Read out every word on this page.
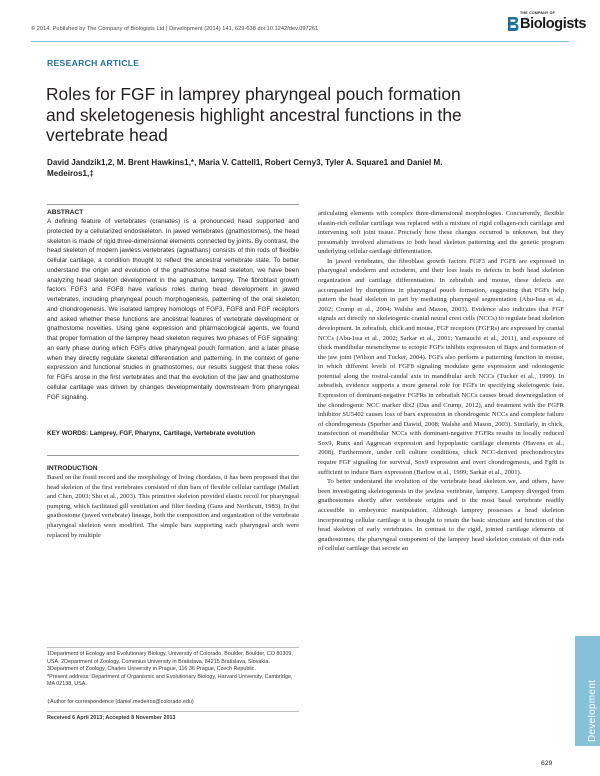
© 2014. Published by The Company of Biologists Ltd | Development (2014) 141, 629-638 doi:10.1242/dev.097261
THE COMPANY OF
Biologists
RESEARCH ARTICLE
Roles for FGF in lamprey pharyngeal pouch formation and skeletogenesis highlight ancestral functions in the vertebrate head
David Jandzik1,2, M. Brent Hawkins1,*, Maria V. Cattell1, Robert Cerny3, Tyler A. Square1 and Daniel M. Medeiros1,‡
ABSTRACT
A defining feature of vertebrates (craniates) is a pronounced head supported and protected by a cellularized endoskeleton. In jawed vertebrates (gnathostomes), the head skeleton is made of rigid three-dimensional elements connected by joints. By contrast, the head skeleton of modern jawless vertebrates (agnathans) consists of thin rods of flexible cellular cartilage, a condition thought to reflect the ancestral vertebrate state. To better understand the origin and evolution of the gnathostome head skeleton, we have been analyzing head skeleton development in the agnathan, lamprey. The fibroblast growth factors FGF3 and FGF8 have various roles during head development in jawed vertebrates, including pharyngeal pouch morphogenesis, patterning of the oral skeleton and chondrogenesis. We isolated lamprey homologs of FGF3, FGF8 and FGF receptors and asked whether these functions are ancestral features of vertebrate development or gnathostome novelties. Using gene expression and pharmacological agents, we found that proper formation of the lamprey head skeleton requires two phases of FGF signaling: an early phase during which FGFs drive pharyngeal pouch formation, and a later phase when they directly regulate skeletal differentiation and patterning. In the context of gene expression and functional studies in gnathostomes, our results suggest that these roles for FGFs arose in the first vertebrates and that the evolution of the jaw and gnathostome cellular cartilage was driven by changes developmentally downstream from pharyngeal FGF signaling.
KEY WORDS: Lamprey, FGF, Pharynx, Cartilage, Vertebrate evolution
INTRODUCTION
Based on the fossil record and the morphology of living chordates, it has been proposed that the head skeleton of the first vertebrates consisted of thin bars of flexible cellular cartilage (Mallatt and Chen, 2003; Shu et al., 2003). This primitive skeleton provided elastic recoil for pharyngeal pumping, which facilitated gill ventilation and filter feeding (Gans and Northcutt, 1983). In the gnathostome (jawed vertebrate) lineage, both the composition and organization of the vertebrate pharyngeal skeleton were modified. The simple bars supporting each pharyngeal arch were replaced by multiple

1Department of Ecology and Evolutionary Biology, University of Colorado, Boulder, Boulder, CO 80309, USA. 2Department of Zoology, Comenius University in Bratislava, 84215 Bratislava, Slovakia. 3Department of Zoology, Charles University in Prague, 116 36 Prague, Czech Republic.

*Present address: Department of Organismic and Evolutionary Biology, Harvard University, Cambridge, MA 02138, USA.

‡Author for correspondence (daniel.medeiros@colorado.edu)
Received 6 April 2013; Accepted 8 November 2013

articulating elements with complex three-dimensional morphologies. Concurrently, flexible elastin-rich cellular cartilage was replaced with a mixture of rigid collagen-rich cartilage and intervening soft joint tissue. Precisely how these changes occurred is unknown, but they presumably involved alterations to both head skeleton patterning and the genetic program underlying cellular cartilage differentiation.

In jawed vertebrates, the fibroblast growth factors FGF3 and FGF8 are expressed in pharyngeal endoderm and ectoderm, and their loss leads to defects in both head skeleton organization and cartilage differentiation. In zebrafish and mouse, these defects are accompanied by disruptions in pharyngeal pouch formation, suggesting that FGFs help pattern the head skeleton in part by mediating pharyngeal segmentation (Abu-Issa et al., 2002; Crump et al., 2004; Walshe and Mason, 2003). Evidence also indicates that FGF signals act directly on skeletogenic cranial neural crest cells (NCCs) to regulate head skeleton development. In zebrafish, chick and mouse, FGF receptors (FGFRs) are expressed by cranial NCCs (Abu-Issa et al., 2002; Sarkar et al., 2001; Yamauchi et al., 2011), and exposure of chick mandibular mesenchyme to ectopic FGFs inhibits expression of Bapx and formation of the jaw joint (Wilson and Tucker, 2004). FGFs also perform a patterning function in mouse, in which different levels of FGF8 signaling modulate gene expression and odontogenic potential along the rostral-caudal axis in mandibular arch NCCs (Tucker et al., 1999). In zebrafish, evidence supports a more general role for FGFs in specifying skeletogenic fate. Expression of dominant-negative FGFRs in zebrafish NCCs causes broad downregulation of the chondrogenic NCC marker dlx2 (Das and Crump, 2012), and treatment with the FGFR inhibitor SU5402 causes loss of barx expression in chondrogenic NCCs and complete failure of chondrogenesis (Sperber and Dawid, 2008; Walshe and Mason, 2003). Similarly, in chick, transfection of mandibular NCCs with dominant-negative FGFRs results in locally reduced Sox9, Runx and Aggrecan expression and hypoplastic cartilage elements (Havens et al., 2008). Furthermore, under cell culture conditions, chick NCC-derived prechondrocytes require FGF signaling for survival, Sox9 expression and overt chondrogenesis, and Fgf8 is sufficient to induce Barx expression (Barlow et al., 1999; Sarkar et al., 2001).

To better understand the evolution of the vertebrate head skeleton we, and others, have been investigating skeletogenesis in the jawless vertebrate, lamprey. Lamprey diverged from gnathostomes shortly after vertebrate origins and is the most basal vertebrate readily accessible to embryonic manipulation. Although lamprey possesses a head skeleton incorporating cellular cartilage it is thought to retain the basic structure and function of the head skeleton of early vertebrates. In contrast to the rigid, jointed cartilage elements of gnathostomes, the pharyngeal component of the lamprey head skeleton consists of thin rods of cellular cartilage that secrete an

Development
629
